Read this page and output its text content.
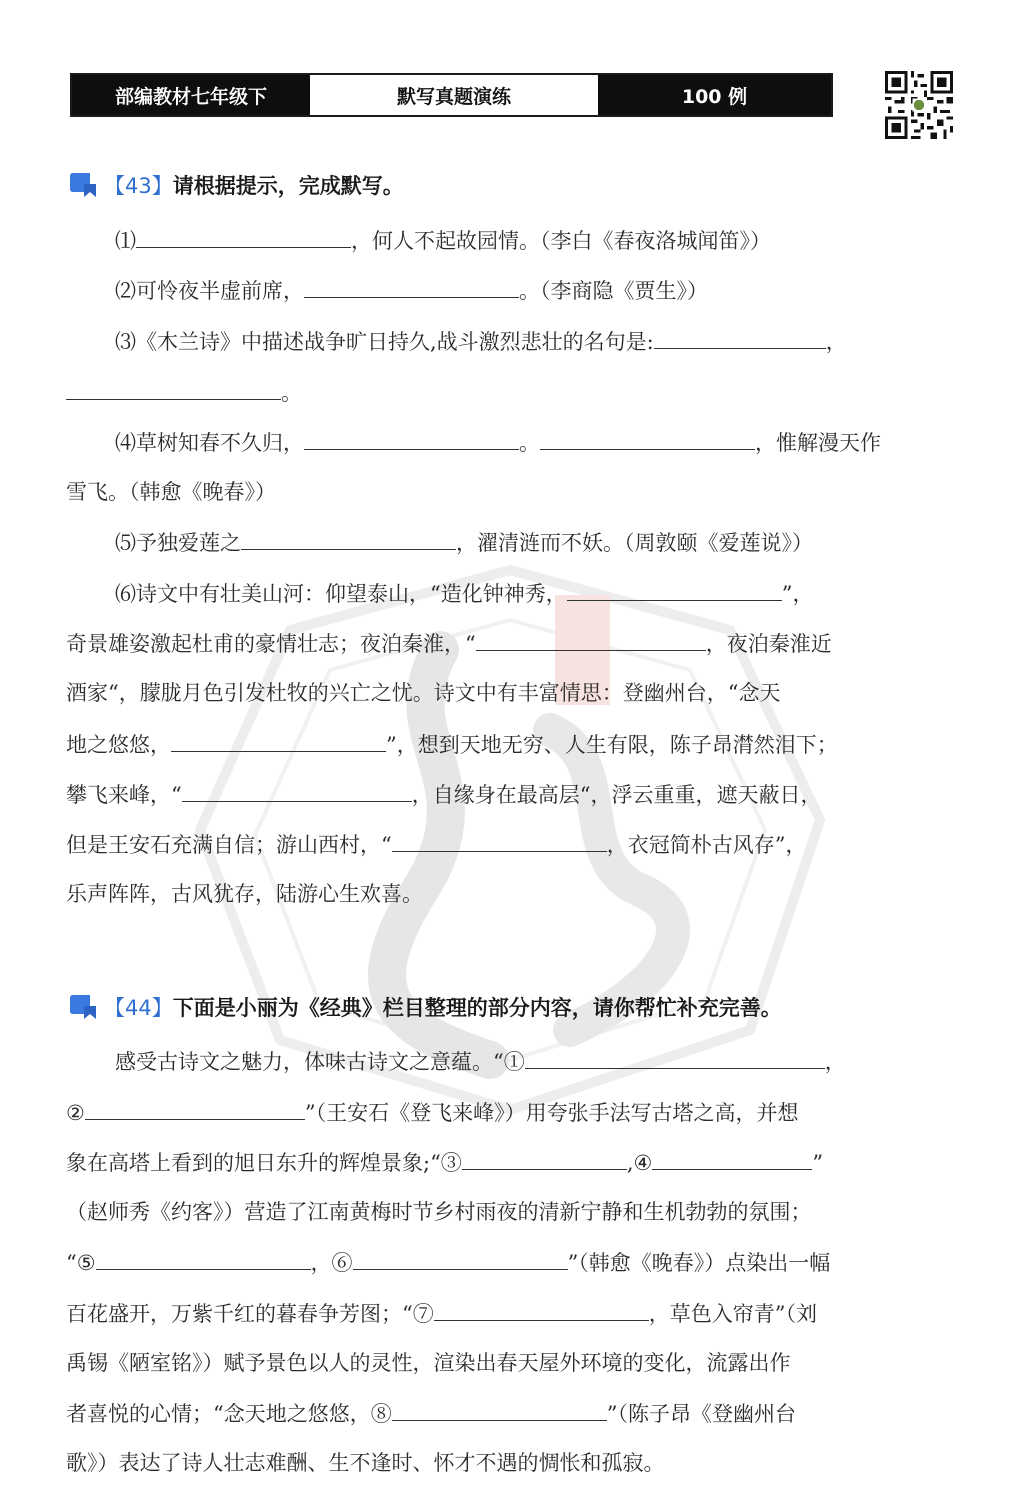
部编教材七年级下	默写真题演练	100 例
【43】 请根据提示，完成默写。
⑴	，何人不起故园情。（李白《春夜洛城闻笛》）
⑵可怜夜半虚前席，	。（李商隐《贾生》）
⑶《木兰诗》中描述战争旷日持久,战斗激烈悲壮的名句是:	，
。
⑷草树知春不久归，	。	，惟解漫天作
雪飞。（韩愈《晚春》）
⑸予独爱莲之	，濯清涟而不妖。（周敦颐《爱莲说》）
⑹诗文中有壮美山河：仰望泰山，“造化钟神秀，	”，
奇景雄姿激起杜甫的豪情壮志；夜泊秦淮，“	，夜泊秦淮近
酒家“，朦胧月色引发杜牧的兴亡之忧。诗文中有丰富情思：登幽州台，“念天
地之悠悠，	”，想到天地无穷、人生有限，陈子昂潸然泪下；
攀飞来峰，“	，自缘身在最高层“，浮云重重，遮天蔽日，
但是王安石充满自信；游山西村，“	，衣冠简朴古风存”，
乐声阵阵，古风犹存，陆游心生欢喜。
【44】 下面是小丽为《经典》栏目整理的部分内容，请你帮忙补充完善。
感受古诗文之魅力，体味古诗文之意蕴。“①	，
②	”（王安石《登飞来峰》）用夸张手法写古塔之高，并想
象在高塔上看到的旭日东升的辉煌景象;“③	,④	”
（赵师秀《约客》）营造了江南黄梅时节乡村雨夜的清新宁静和生机勃勃的氛围；
“⑤	，⑥	”（韩愈《晚春》）点染出一幅
百花盛开，万紫千红的暮春争芳图；“⑦	，草色入帘青”（刘
禹锡《陋室铭》）赋予景色以人的灵性，渲染出春天屋外环境的变化，流露出作
者喜悦的心情；“念天地之悠悠，⑧	”（陈子昂《登幽州台
歌》）表达了诗人壮志难酬、生不逢时、怀才不遇的惆怅和孤寂。
